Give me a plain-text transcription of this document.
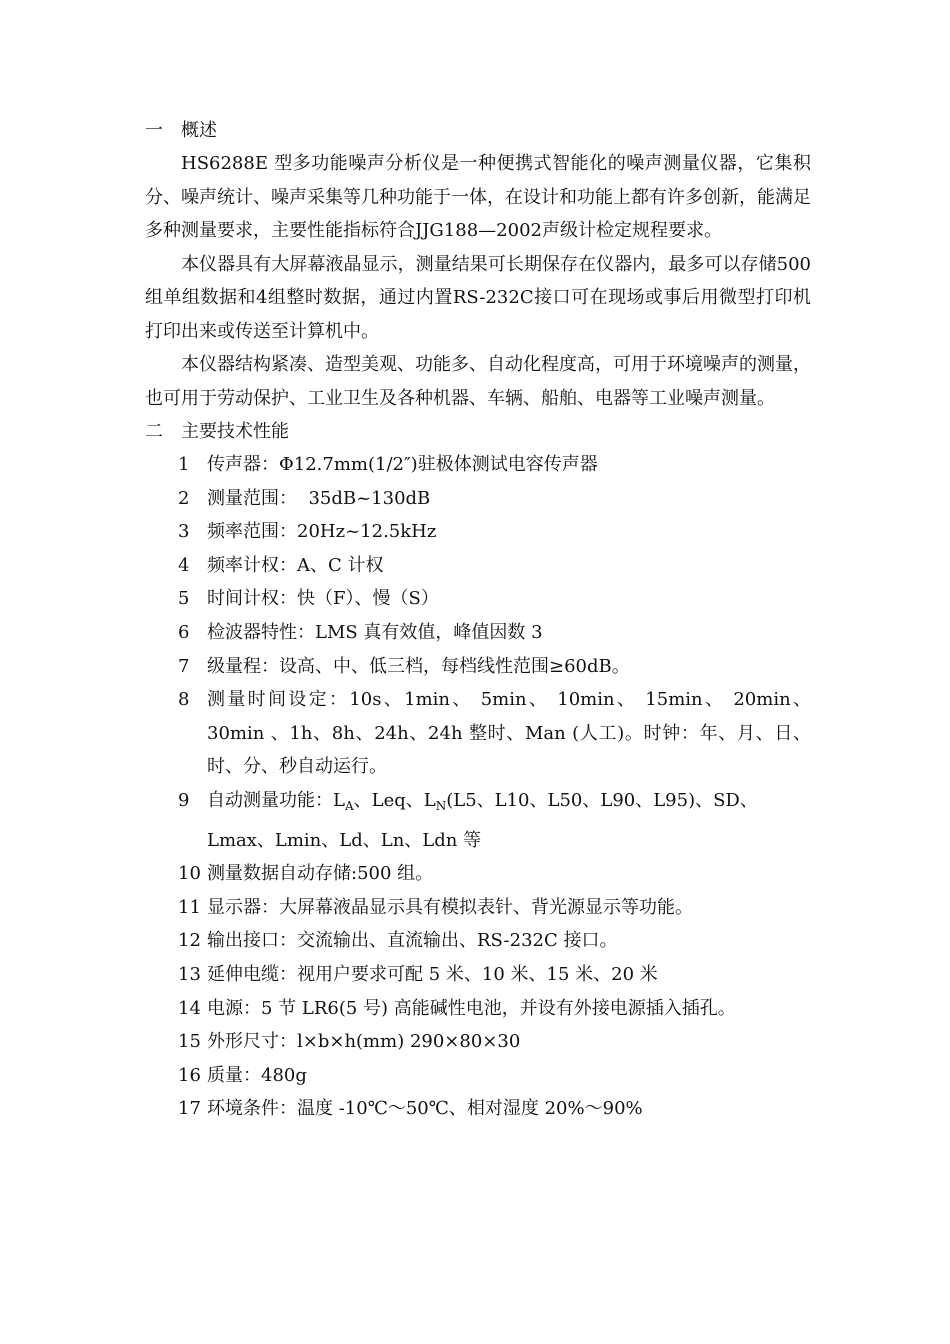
一 概述

HS6288E 型多功能噪声分析仪是一种便携式智能化的噪声测量仪器，它集积分、噪声统计、噪声采集等几种功能于一体，在设计和功能上都有许多创新，能满足多种测量要求，主要性能指标符合JJG188—2002声级计检定规程要求。

本仪器具有大屏幕液晶显示，测量结果可长期保存在仪器内，最多可以存储500组单组数据和4组整时数据，通过内置RS-232C接口可在现场或事后用微型打印机打印出来或传送至计算机中。

本仪器结构紧凑、造型美观、功能多、自动化程度高，可用于环境噪声的测量，也可用于劳动保护、工业卫生及各种机器、车辆、船舶、电器等工业噪声测量。

二 主要技术性能
1 传声器：Φ12.7mm(1/2″)驻极体测试电容传声器
2 测量范围：  35dB~130dB
3 频率范围：20Hz~12.5kHz
4 频率计权：A、C 计权
5 时间计权：快（F）、慢（S）
6 检波器特性：LMS 真有效值，峰值因数 3
7 级量程：设高、中、低三档，每档线性范围≥60dB。
8 测量时间设定：10s、1min、 5min、 10min、 15min、 20min、30min 、1h、8h、24h、24h 整时、Man (人工)。时钟：年、月、日、时、分、秒自动运行。
9 自动测量功能：$L_A$、Leq、$L_N(L5$、L10、L50、L90、L95)、SD、Lmax、Lmin、Ld、Ln、Ldn 等
10 测量数据自动存储:500 组。
11 显示器：大屏幕液晶显示具有模拟表针、背光源显示等功能。
12 输出接口：交流输出、直流输出、RS-232C 接口。
13 延伸电缆：视用户要求可配 5 米、10 米、15 米、20 米
14 电源：5 节 LR6(5 号) 高能碱性电池，并设有外接电源插入插孔。
15 外形尺寸：l×b×h(mm) 290×80×30
16 质量：480g
17 环境条件：温度 -10℃～50℃、相对湿度 20%～90%
